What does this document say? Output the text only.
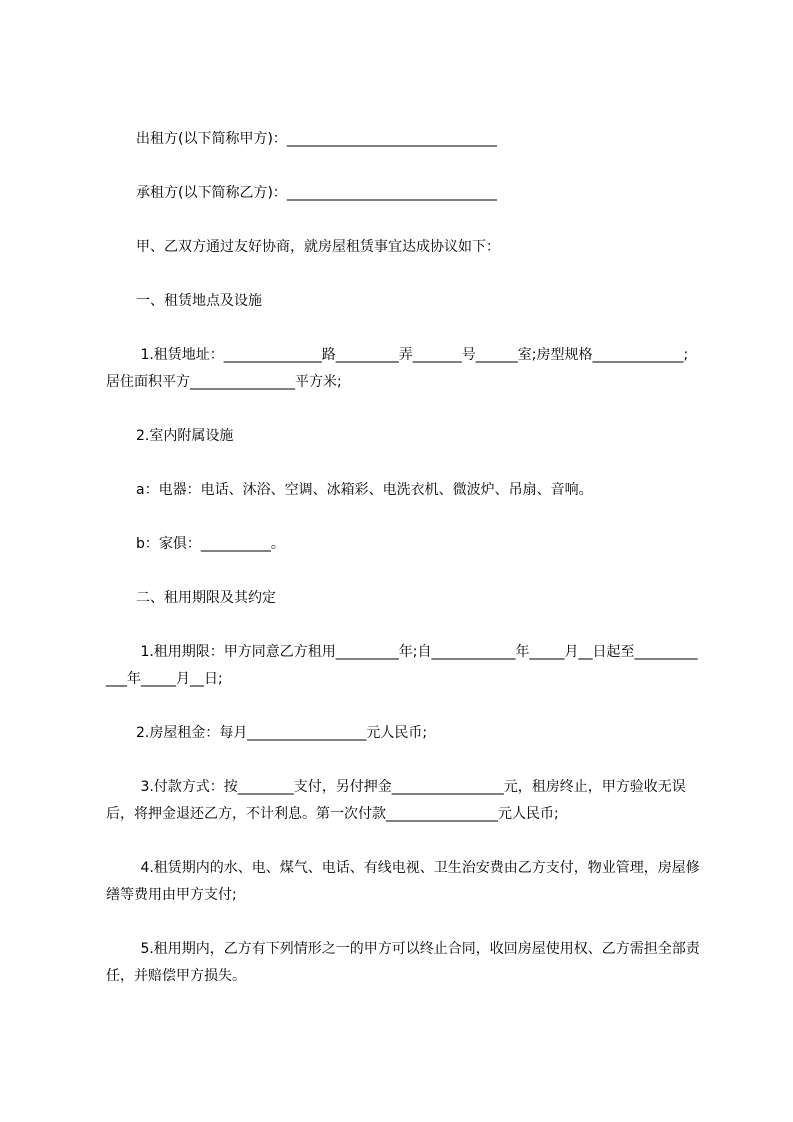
出租方(以下简称甲方)：______________________________

承租方(以下简称乙方)：______________________________

甲、乙双方通过友好协商，就房屋租赁事宜达成协议如下：

一、租赁地点及设施

1.租赁地址：______________路_________弄_______号______室;房型规格_____________;居住面积平方_______________平方米;

2.室内附属设施

a：电器：电话、沐浴、空调、冰箱彩、电洗衣机、微波炉、吊扇、音响。

b：家俱：__________。

二、租用期限及其约定

1.租用期限：甲方同意乙方租用_________年;自____________年_____月__日起至____________年_____月__日;

2.房屋租金：每月_________________元人民币;

3.付款方式：按________支付，另付押金________________元，租房终止，甲方验收无误后，将押金退还乙方，不计利息。第一次付款________________元人民币;

4.租赁期内的水、电、煤气、电话、有线电视、卫生治安费由乙方支付，物业管理，房屋修缮等费用由甲方支付;

5.租用期内，乙方有下列情形之一的甲方可以终止合同，收回房屋使用权、乙方需担全部责任，并赔偿甲方损失。
